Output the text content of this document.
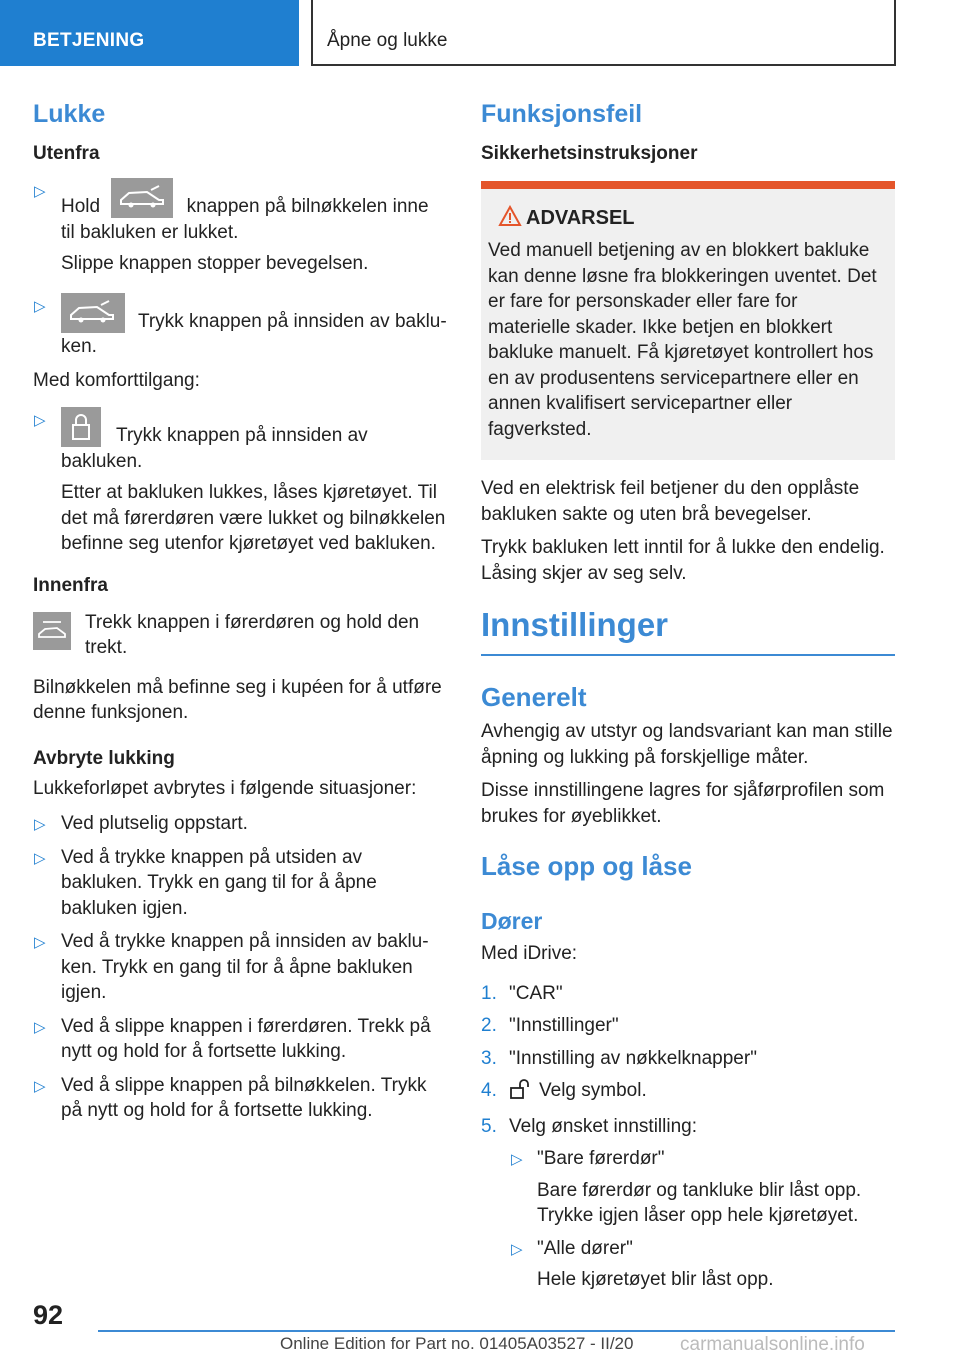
BETJENING	Åpne og lukke
Lukke
Utenfra
▷
Hold	knappen på bilnøkkelen inne til bakluken er lukket.
Slippe knappen stopper bevegelsen.
▷
Trykk knappen på innsiden av bakluken.
Med komforttilgang:
▷
Trykk knappen på innsiden av bakluken.
Etter at bakluken lukkes, låses kjøretøyet. Til det må førerdøren være lukket og bilnøkkelen befinne seg utenfor kjøretøyet ved bakluken.
Innenfra
Trekk knappen i førerdøren og hold den trekt.
Bilnøkkelen må befinne seg i kupéen for å utføre denne funksjonen.
Avbryte lukking
Lukkeforløpet avbrytes i følgende situasjoner:
▷ Ved plutselig oppstart.
▷ Ved å trykke knappen på utsiden av bakluken. Trykk en gang til for å åpne bakluken igjen.
▷ Ved å trykke knappen på innsiden av bakluken. Trykk en gang til for å åpne bakluken igjen.
▷ Ved å slippe knappen i førerdøren. Trekk på nytt og hold for å fortsette lukking.
▷ Ved å slippe knappen på bilnøkkelen. Trykk på nytt og hold for å fortsette lukking.
Funksjonsfeil
Sikkerhetsinstruksjoner
ADVARSEL
Ved manuell betjening av en blokkert bakluke kan denne løsne fra blokkeringen uventet. Det er fare for personskader eller fare for materielle skader. Ikke betjen en blokkert bakluke manuelt. Få kjøretøyet kontrollert hos en av produsentens servicepartnere eller en annen kvalifisert servicepartner eller fagverksted.
Ved en elektrisk feil betjener du den opplåste bakluken sakte og uten brå bevegelser.
Trykk bakluken lett inntil for å lukke den endelig. Låsing skjer av seg selv.
Innstillinger
Generelt
Avhengig av utstyr og landsvariant kan man stille åpning og lukking på forskjellige måter.
Disse innstillingene lagres for sjåførprofilen som brukes for øyeblikket.
Låse opp og låse
Dører
Med iDrive:
1. "CAR"
2. "Innstillinger"
3. "Innstilling av nøkkelknapper"
4. Velg symbol.
5. Velg ønsket innstilling:
▷ "Bare førerdør"
Bare førerdør og tankluke blir låst opp. Trykke igjen låser opp hele kjøretøyet.
▷ "Alle dører"
Hele kjøretøyet blir låst opp.
92
Online Edition for Part no. 01405A03527 - II/20 carmanualsonline.info
